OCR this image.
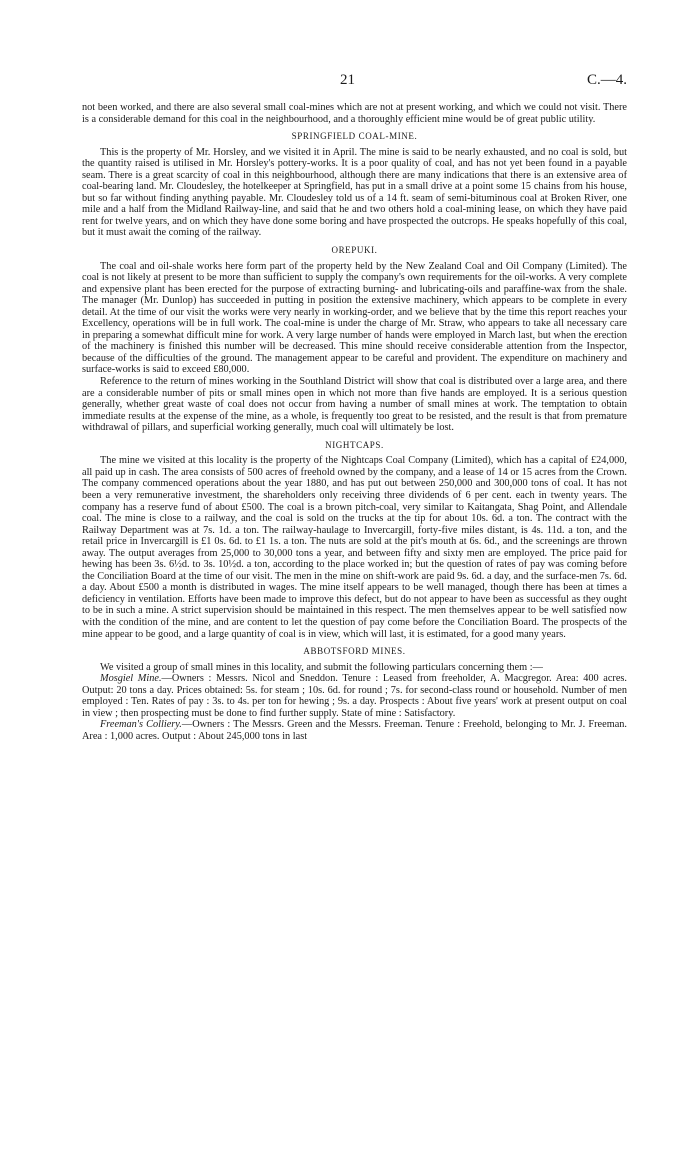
21	C.—4.

not been worked, and there are also several small coal-mines which are not at present working, and which we could not visit. There is a considerable demand for this coal in the neighbourhood, and a thoroughly efficient mine would be of great public utility.

SPRINGFIELD COAL-MINE.

This is the property of Mr. Horsley, and we visited it in April. The mine is said to be nearly exhausted, and no coal is sold, but the quantity raised is utilised in Mr. Horsley's pottery-works. It is a poor quality of coal, and has not yet been found in a payable seam. There is a great scarcity of coal in this neighbourhood, although there are many indications that there is an extensive area of coal-bearing land. Mr. Cloudesley, the hotelkeeper at Springfield, has put in a small drive at a point some 15 chains from his house, but so far without finding anything payable. Mr. Cloudesley told us of a 14 ft. seam of semi-bituminous coal at Broken River, one mile and a half from the Midland Railway-line, and said that he and two others hold a coal-mining lease, on which they have paid rent for twelve years, and on which they have done some boring and have prospected the outcrops. He speaks hopefully of this coal, but it must await the coming of the railway.

OREPUKI.

The coal and oil-shale works here form part of the property held by the New Zealand Coal and Oil Company (Limited). The coal is not likely at present to be more than sufficient to supply the company's own requirements for the oil-works. A very complete and expensive plant has been erected for the purpose of extracting burning- and lubricating-oils and paraffine-wax from the shale. The manager (Mr. Dunlop) has succeeded in putting in position the extensive machinery, which appears to be complete in every detail. At the time of our visit the works were very nearly in working-order, and we believe that by the time this report reaches your Excellency, operations will be in full work. The coal-mine is under the charge of Mr. Straw, who appears to take all necessary care in preparing a somewhat difficult mine for work. A very large number of hands were employed in March last, but when the erection of the machinery is finished this number will be decreased. This mine should receive considerable attention from the Inspector, because of the difficulties of the ground. The management appear to be careful and provident. The expenditure on machinery and surface-works is said to exceed £80,000.

Reference to the return of mines working in the Southland District will show that coal is distributed over a large area, and there are a considerable number of pits or small mines open in which not more than five hands are employed. It is a serious question generally, whether great waste of coal does not occur from having a number of small mines at work. The temptation to obtain immediate results at the expense of the mine, as a whole, is frequently too great to be resisted, and the result is that from premature withdrawal of pillars, and superficial working generally, much coal will ultimately be lost.

NIGHTCAPS.

The mine we visited at this locality is the property of the Nightcaps Coal Company (Limited), which has a capital of £24,000, all paid up in cash. The area consists of 500 acres of freehold owned by the company, and a lease of 14 or 15 acres from the Crown. The company commenced operations about the year 1880, and has put out between 250,000 and 300,000 tons of coal. It has not been a very remunerative investment, the shareholders only receiving three dividends of 6 per cent. each in twenty years. The company has a reserve fund of about £500. The coal is a brown pitch-coal, very similar to Kaitangata, Shag Point, and Allendale coal. The mine is close to a railway, and the coal is sold on the trucks at the tip for about 10s. 6d. a ton. The contract with the Railway Department was at 7s. 1d. a ton. The railway-haulage to Invercargill, forty-five miles distant, is 4s. 11d. a ton, and the retail price in Invercargill is £1 0s. 6d. to £1 1s. a ton. The nuts are sold at the pit's mouth at 6s. 6d., and the screenings are thrown away. The output averages from 25,000 to 30,000 tons a year, and between fifty and sixty men are employed. The price paid for hewing has been 3s. 6½d. to 3s. 10½d. a ton, according to the place worked in; but the question of rates of pay was coming before the Conciliation Board at the time of our visit. The men in the mine on shift-work are paid 9s. 6d. a day, and the surface-men 7s. 6d. a day. About £500 a month is distributed in wages. The mine itself appears to be well managed, though there has been at times a deficiency in ventilation. Efforts have been made to improve this defect, but do not appear to have been as successful as they ought to be in such a mine. A strict supervision should be maintained in this respect. The men themselves appear to be well satisfied now with the condition of the mine, and are content to let the question of pay come before the Conciliation Board. The prospects of the mine appear to be good, and a large quantity of coal is in view, which will last, it is estimated, for a good many years.

ABBOTSFORD MINES.

We visited a group of small mines in this locality, and submit the following particulars concerning them :—

Mosgiel Mine.—Owners : Messrs. Nicol and Sneddon. Tenure : Leased from freeholder, A. Macgregor. Area: 400 acres. Output: 20 tons a day. Prices obtained: 5s. for steam ; 10s. 6d. for round ; 7s. for second-class round or household. Number of men employed : Ten. Rates of pay : 3s. to 4s. per ton for hewing ; 9s. a day. Prospects : About five years' work at present output on coal in view ; then prospecting must be done to find further supply. State of mine : Satisfactory.

Freeman's Colliery.—Owners : The Messrs. Green and the Messrs. Freeman. Tenure : Freehold, belonging to Mr. J. Freeman. Area : 1,000 acres. Output : About 245,000 tons in last
